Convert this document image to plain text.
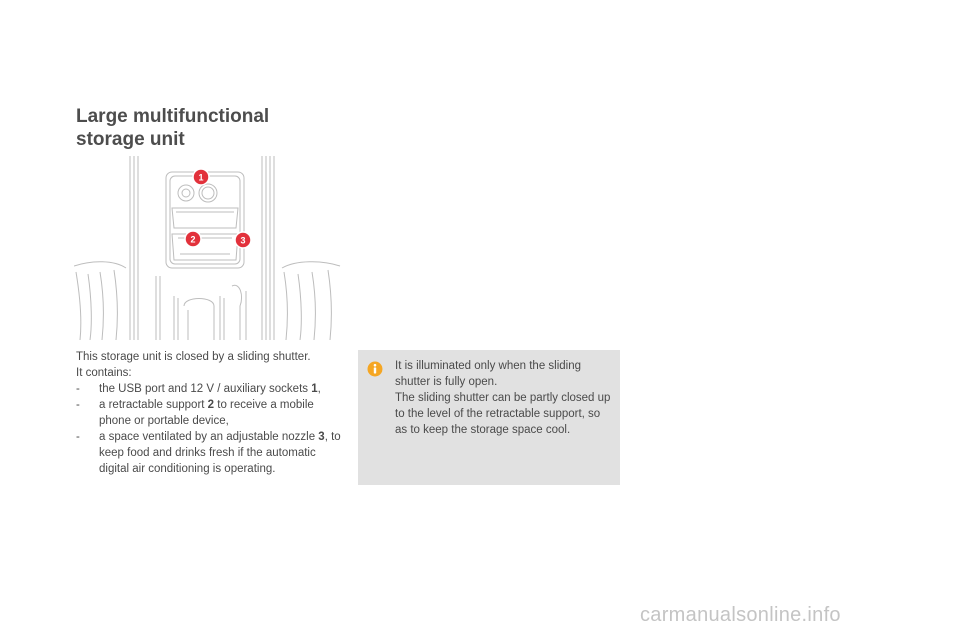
Large multifunctional
storage unit
1
2	3

This storage unit is closed by a sliding shutter.

It contains:

- the USB port and 12 V / auxiliary sockets 1,
- a retractable support 2 to receive a mobile phone or portable device,
- a space ventilated by an adjustable nozzle 3, to keep food and drinks fresh if the automatic digital air conditioning is operating.

It is illuminated only when the sliding shutter is fully open.

The sliding shutter can be partly closed up to the level of the retractable support, so as to keep the storage space cool.

carmanualsonline.info
